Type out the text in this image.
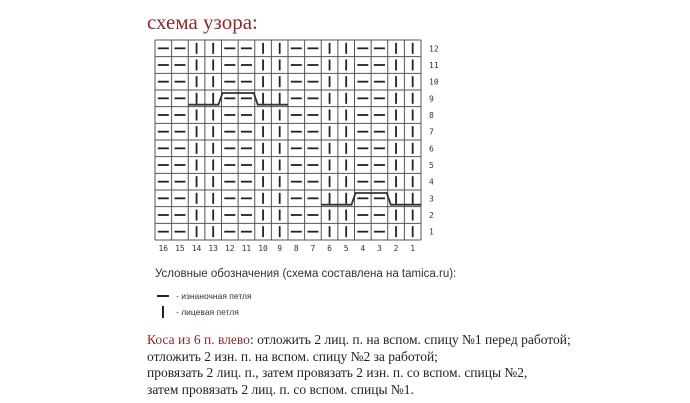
схема узора:
12
11
10
9
8
7
6
5
4
3
2
1
16 15 14 13 12 11 10 9 8 7 6 5 4 3 2 1
Условные обозначения (схема составлена на tamica.ru):
- изнаночная петля
- лицевая петля
Коса из 6 п. влево: отложить 2 лиц. п. на вспом. спицу №1 перед работой;
отложить 2 изн. п. на вспом. спицу №2 за работой;
провязать 2 лиц. п., затем провязать 2 изн. п. со вспом. спицы №2,
затем провязать 2 лиц. п. со вспом. спицы №1.
